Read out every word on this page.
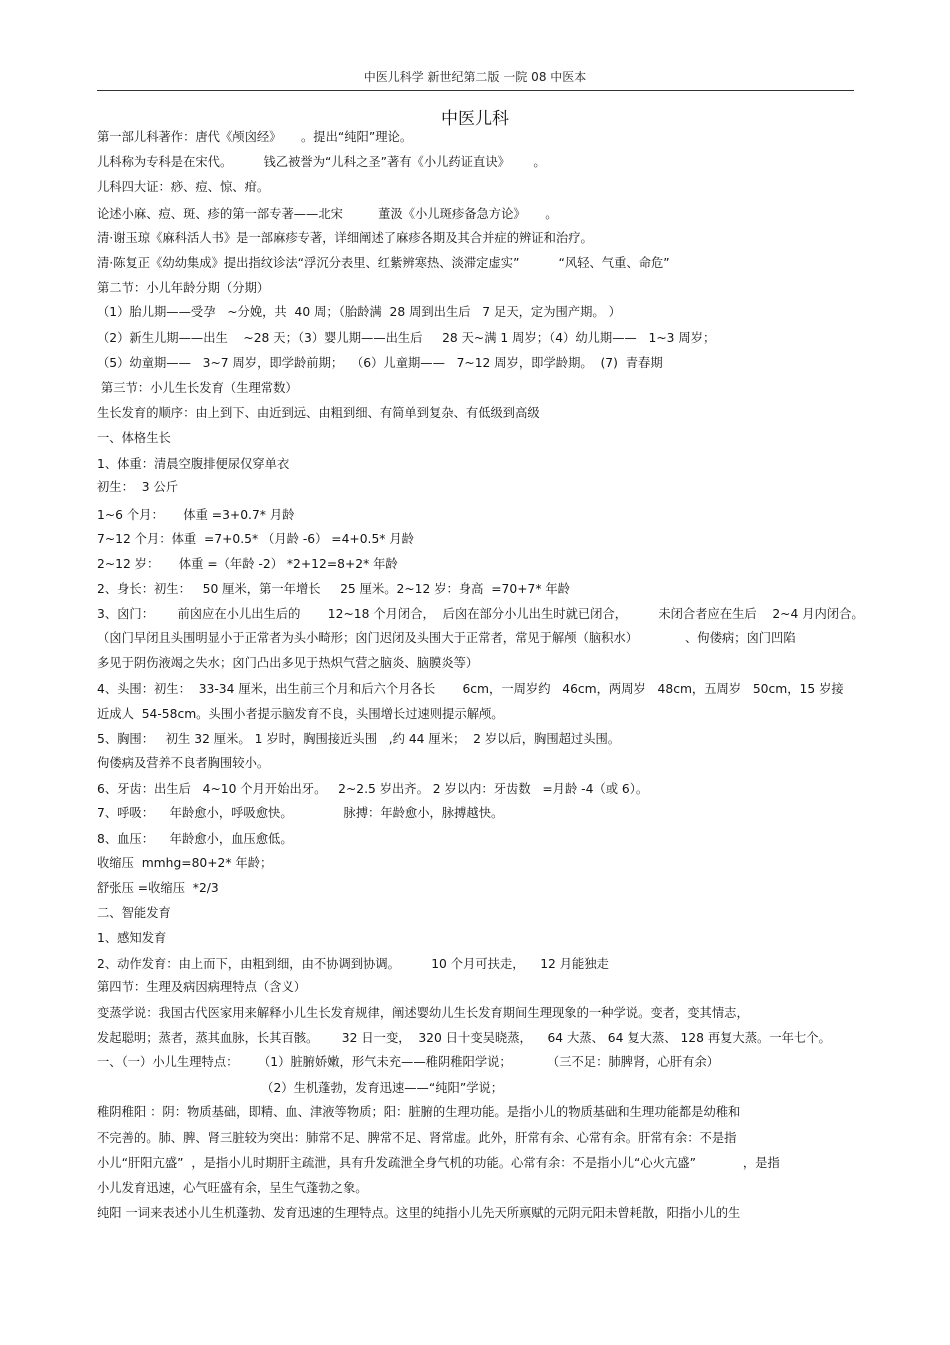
中医儿科学 新世纪第二版 一院 08 中医本
中医儿科
第一部儿科著作：唐代《颅囟经》     。提出“纯阳”理论。
儿科称为专科是在宋代。        钱乙被誉为“儿科之圣”著有《小儿药证直诀》      。
儿科四大证：痧、痘、惊、疳。
论述小麻、痘、斑、疹的第一部专著——北宋         董汲《小儿斑疹备急方论》     。
清·谢玉琼《麻科活人书》是一部麻疹专著，详细阐述了麻疹各期及其合并症的辨证和治疗。
清·陈复正《幼幼集成》提出指纹诊法“浮沉分表里、红紫辨寒热、淡滞定虚实”          “风轻、气重、命危”
第二节：小儿年龄分期（分期）
（1）胎儿期——受孕   ~分娩，共  40 周；（胎龄满  28 周到出生后   7 足天，定为围产期。 ）
（2）新生儿期——出生    ~28 天；（3）婴儿期——出生后     28 天~满 1 周岁；（4）幼儿期——   1~3 周岁；
（5）幼童期——   3~7 周岁，即学龄前期；  （6）儿童期——   7~12 周岁，即学龄期。  (7)  青春期
第三节：小儿生长发育（生理常数）
生长发育的顺序：由上到下、由近到远、由粗到细、有简单到复杂、有低级到高级
一、体格生长
1、体重：清晨空腹排便尿仅穿单衣
初生：  3 公斤
1~6 个月：     体重 =3+0.7* 月龄
7~12 个月：体重  =7+0.5* （月龄 -6） =4+0.5* 月龄
2~12 岁：     体重 =（年龄 -2） *2+12=8+2* 年龄
2、身长：初生：   50 厘米，第一年增长     25 厘米。2~12 岁：身高  =70+7* 年龄
3、囟门：      前囟应在小儿出生后的       12~18 个月闭合，  后囟在部分小儿出生时就已闭合，        未闭合者应在生后    2~4 月内闭合。
（囟门早闭且头围明显小于正常者为头小畸形；囟门迟闭及头围大于正常者，常见于解颅（脑积水）            、佝偻病；囟门凹陷
多见于阴伤液竭之失水；囟门凸出多见于热炽气营之脑炎、脑膜炎等）
4、头围：初生：  33-34 厘米，出生前三个月和后六个月各长       6cm，一周岁约   46cm，两周岁   48cm，五周岁   50cm，15 岁接
近成人  54-58cm。头围小者提示脑发育不良，头围增长过速则提示解颅。
5、胸围：   初生 32 厘米。 1 岁时，胸围接近头围   ,约 44 厘米；  2 岁以后，胸围超过头围。
佝偻病及营养不良者胸围较小。
6、牙齿：出生后   4~10 个月开始出牙。   2~2.5 岁出齐。 2 岁以内：牙齿数   =月龄 -4（或 6）。
7、呼吸：    年龄愈小，呼吸愈快。             脉搏：年龄愈小，脉搏越快。
8、血压：    年龄愈小，血压愈低。
收缩压  mmhg=80+2* 年龄；
舒张压 =收缩压  *2/3
二、智能发育
1、感知发育
2、动作发育：由上而下，由粗到细，由不协调到协调。        10 个月可扶走，    12 月能独走
第四节：生理及病因病理特点（含义）
变蒸学说：我国古代医家用来解释小儿生长发育规律，阐述婴幼儿生长发育期间生理现象的一种学说。变者，变其情志，
发起聪明；蒸者，蒸其血脉，长其百骸。      32 日一变，  320 日十变吴晓蒸，    64 大蒸、 64 复大蒸、 128 再复大蒸。一年七个。
一、（一）小儿生理特点：     （1）脏腑娇嫩，形气未充——稚阴稚阳学说；         （三不足：肺脾肾，心肝有余）
（2）生机蓬勃，发育迅速——“纯阳”学说；
稚阴稚阳 ：阴：物质基础，即精、血、津液等物质；阳：脏腑的生理功能。是指小儿的物质基础和生理功能都是幼稚和
不完善的。肺、脾、肾三脏较为突出：肺常不足、脾常不足、肾常虚。此外，肝常有余、心常有余。肝常有余：不是指
小儿“肝阳亢盛”  ，是指小儿时期肝主疏泄，具有升发疏泄全身气机的功能。心常有余：不是指小儿“心火亢盛”            ，是指
小儿发育迅速，心气旺盛有余，呈生气蓬勃之象。
纯阳 一词来表述小儿生机蓬勃、发育迅速的生理特点。这里的纯指小儿先天所禀赋的元阴元阳未曾耗散，阳指小儿的生
